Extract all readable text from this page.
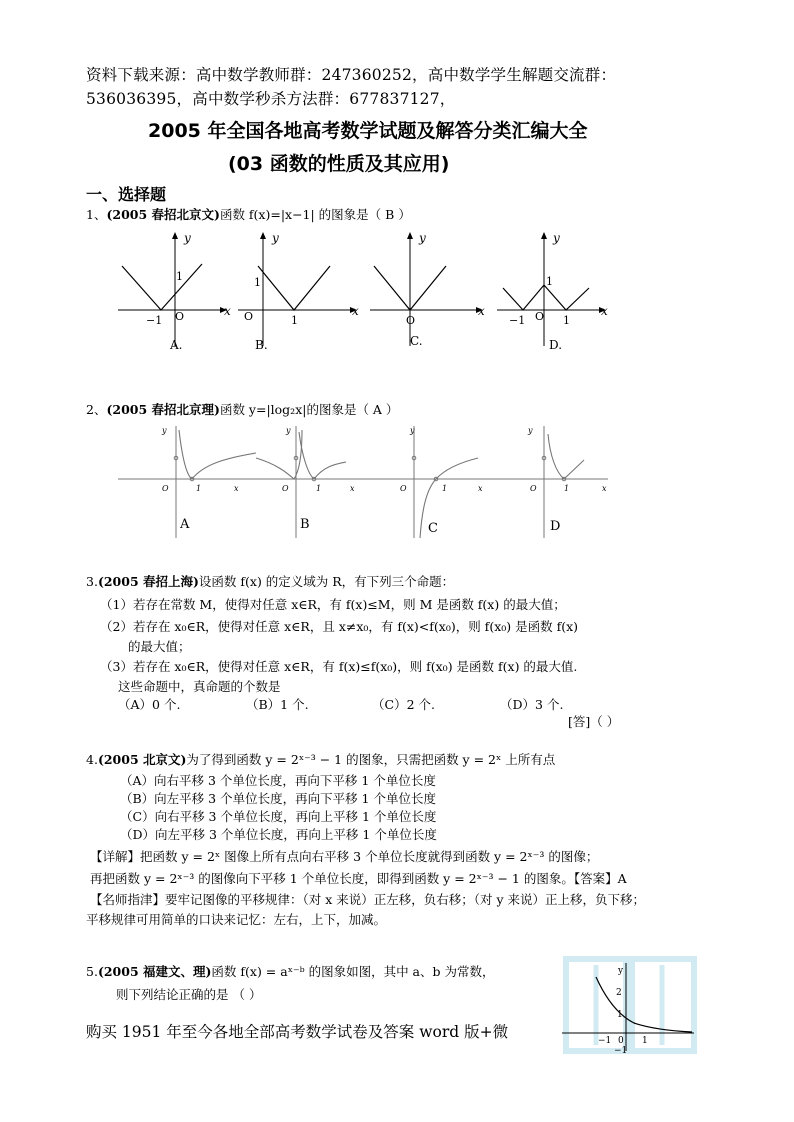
资料下载来源：高中数学教师群：247360252，高中数学学生解题交流群：
536036395，高中数学秒杀方法群：677837127，
2005 年全国各地高考数学试题及解答分类汇编大全
(03 函数的性质及其应用)
一、选择题
1、(2005 春招北京文)函数 f(x)=|x−1| 的图象是（ B ）
y
x
1
−1 O
A.
y
x
1
1
O
B.
y
x
O
C.
y
x
1
−1	1
O
D.
2、(2005 春招北京理)函数 y=|log₂x|的图象是（ A ）
y
O	1	x
A
y
O	1	x
B
y
O	1	x
C
y
O	1	x
D
3.(2005 春招上海)设函数 f(x) 的定义域为 R，有下列三个命题：
（1）若存在常数 M，使得对任意 x∈R，有 f(x)≤M，则 M 是函数 f(x) 的最大值；
（2）若存在 x₀∈R，使得对任意 x∈R，且 x≠x₀，有 f(x)<f(x₀)，则 f(x₀) 是函数 f(x)
的最大值；
（3）若存在 x₀∈R，使得对任意 x∈R，有 f(x)≤f(x₀)，则 f(x₀) 是函数 f(x) 的最大值.
这些命题中，真命题的个数是
（A）0 个.	（B）1 个.	（C）2 个.	（D）3 个.
[答]（ ）
4.(2005 北京文)为了得到函数 y = 2ˣ⁻³ − 1 的图象，只需把函数 y = 2ˣ 上所有点
（A）向右平移 3 个单位长度，再向下平移 1 个单位长度
（B）向左平移 3 个单位长度，再向下平移 1 个单位长度
（C）向右平移 3 个单位长度，再向上平移 1 个单位长度
（D）向左平移 3 个单位长度，再向上平移 1 个单位长度
【详解】把函数 y = 2ˣ 图像上所有点向右平移 3 个单位长度就得到函数 y = 2ˣ⁻³ 的图像；
再把函数 y = 2ˣ⁻³ 的图像向下平移 1 个单位长度，即得到函数 y = 2ˣ⁻³ − 1 的图象。【答案】A
【名师指津】要牢记图像的平移规律：（对 x 来说）正左移，负右移；（对 y 来说）正上移，负下移；
平移规律可用简单的口诀来记忆：左右，上下，加减。
5.(2005 福建文、理)函数 f(x) = aˣ⁻ᵇ 的图象如图，其中 a、b 为常数，
则下列结论正确的是 （ ）
y
2
1
−1 0 1
−1
购买 1951 年至今各地全部高考数学试卷及答案 word 版+微
